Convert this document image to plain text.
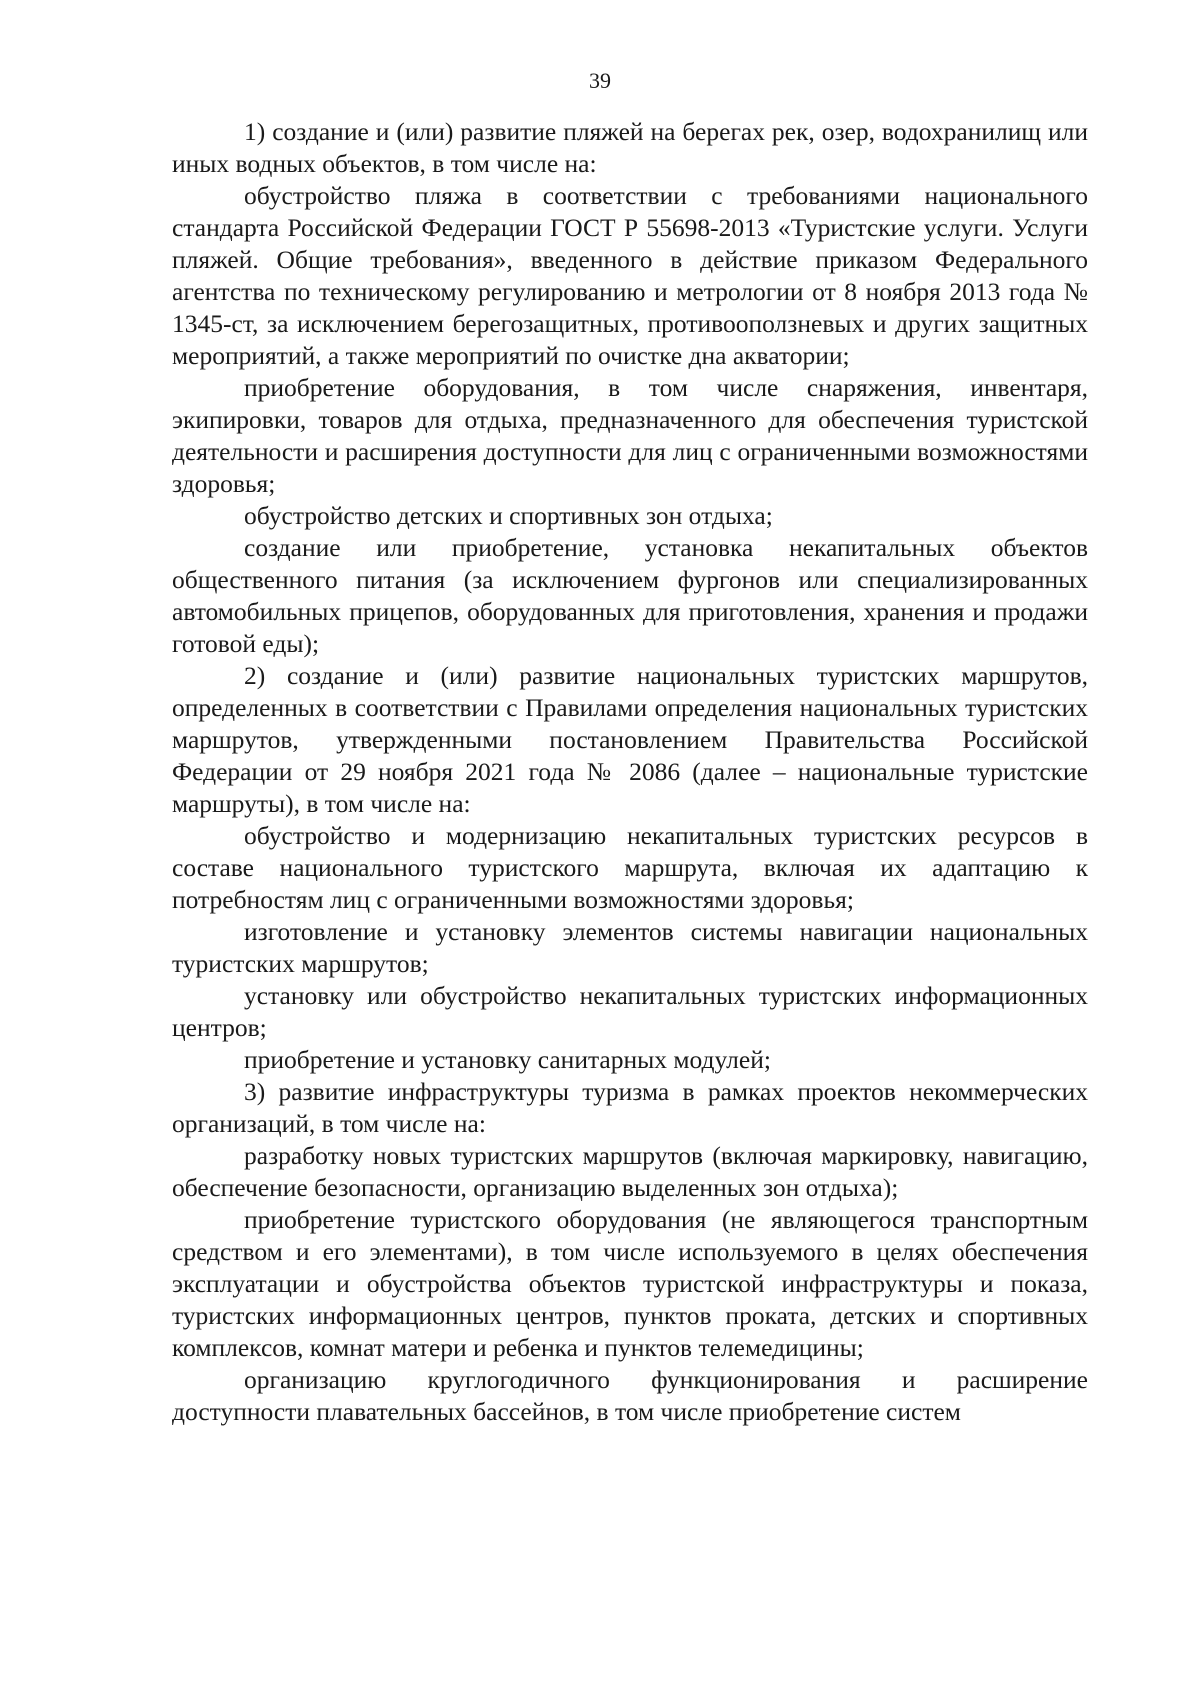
39

1) создание и (или) развитие пляжей на берегах рек, озер, водохранилищ или иных водных объектов, в том числе на:

обустройство пляжа в соответствии с требованиями национального стандарта Российской Федерации ГОСТ Р 55698-2013 «Туристские услуги. Услуги пляжей. Общие требования», введенного в действие приказом Федерального агентства по техническому регулированию и метрологии от 8 ноября 2013 года № 1345-ст, за исключением берегозащитных, противооползневых и других защитных мероприятий, а также мероприятий по очистке дна акватории;

приобретение оборудования, в том числе снаряжения, инвентаря, экипировки, товаров для отдыха, предназначенного для обеспечения туристской деятельности и расширения доступности для лиц с ограниченными возможностями здоровья;

обустройство детских и спортивных зон отдыха;

создание или приобретение, установка некапитальных объектов общественного питания (за исключением фургонов или специализированных автомобильных прицепов, оборудованных для приготовления, хранения и продажи готовой еды);

2) создание и (или) развитие национальных туристских маршрутов, определенных в соответствии с Правилами определения национальных туристских маршрутов, утвержденными постановлением Правительства Российской Федерации от 29 ноября 2021 года № 2086 (далее – национальные туристские маршруты), в том числе на:

обустройство и модернизацию некапитальных туристских ресурсов в составе национального туристского маршрута, включая их адаптацию к потребностям лиц с ограниченными возможностями здоровья;

изготовление и установку элементов системы навигации национальных туристских маршрутов;

установку или обустройство некапитальных туристских информационных центров;

приобретение и установку санитарных модулей;

3) развитие инфраструктуры туризма в рамках проектов некоммерческих организаций, в том числе на:

разработку новых туристских маршрутов (включая маркировку, навигацию, обеспечение безопасности, организацию выделенных зон отдыха);

приобретение туристского оборудования (не являющегося транспортным средством и его элементами), в том числе используемого в целях обеспечения эксплуатации и обустройства объектов туристской инфраструктуры и показа, туристских информационных центров, пунктов проката, детских и спортивных комплексов, комнат матери и ребенка и пунктов телемедицины;

организацию круглогодичного функционирования и расширение доступности плавательных бассейнов, в том числе приобретение систем
